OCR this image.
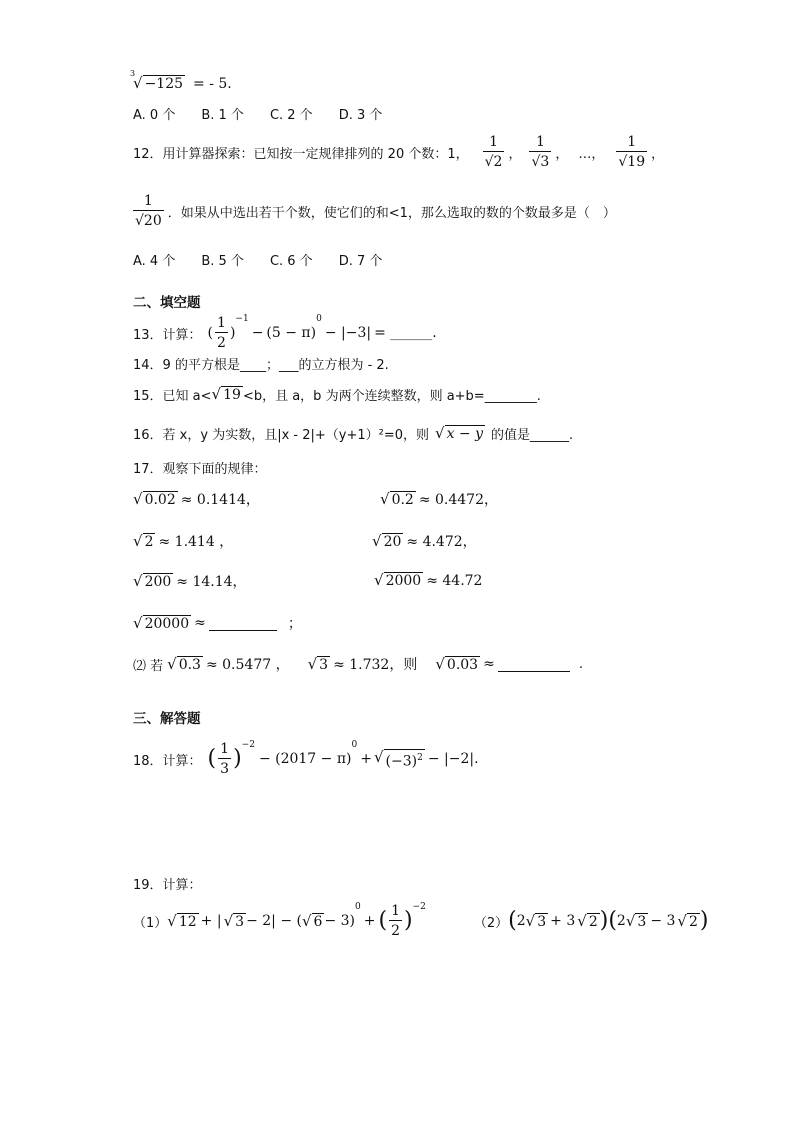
3
√ −125 = - 5.
A. 0 个 B. 1 个 C. 2 个 D. 3 个
12．用计算器探索：已知按一定规律排列的 20 个数：1， $\frac{1}{√2}$ ， $\frac{1}{√3}$ ， …， $\frac{1}{√19}$ ，
$\frac{1}{√20}$ ．如果从中选出若干个数，使它们的和<1，那么选取的数的个数最多是（　）
A. 4 个 B. 5 个 C. 6 个 D. 7 个
二、填空题
13．计算： ( $\frac{1}{2}$ )
−1
− (5 − π)
0
− |− 3 | = ______.
14．9 的平方根是____；___的立方根为 - 2.
15．已知 a< √ 19 <b，且 a，b 为两个连续整数，则 a+b=________.
16．若 x，y 为实数，且|x - 2|+（y+1）²=0，则 √ x − y 的值是______.
17．观察下面的规律：
√ 0.02 ≈ 0.1414，	√ 0.2 ≈ 0.4472，
√ 2 ≈ 1.414 ，	√ 20 ≈ 4.472，
√ 200 ≈ 14.14，	√ 2000 ≈ 44.72
√ 20000 ≈	；
⑵ 若 √ 0.3 ≈ 0.5477 ， √ 3 ≈ 1.732，则 √ 0.03 ≈	.
三、解答题
18．计算： ( $\frac{1}{3}$ )
$^{-2}$
− (2017 − π)
0
+ √ $(-3)^2 - |-2|$.
19．计算：
（1） √ 12 + | √ 3 − 2| − ( √ 6 − 3)
0
+ ( $\frac{1}{2}$ )
$^{-2}$
（2） ( 2 √ 3 + 3 √ 2 )( 2 √ 3 − 3 √ 2 )
